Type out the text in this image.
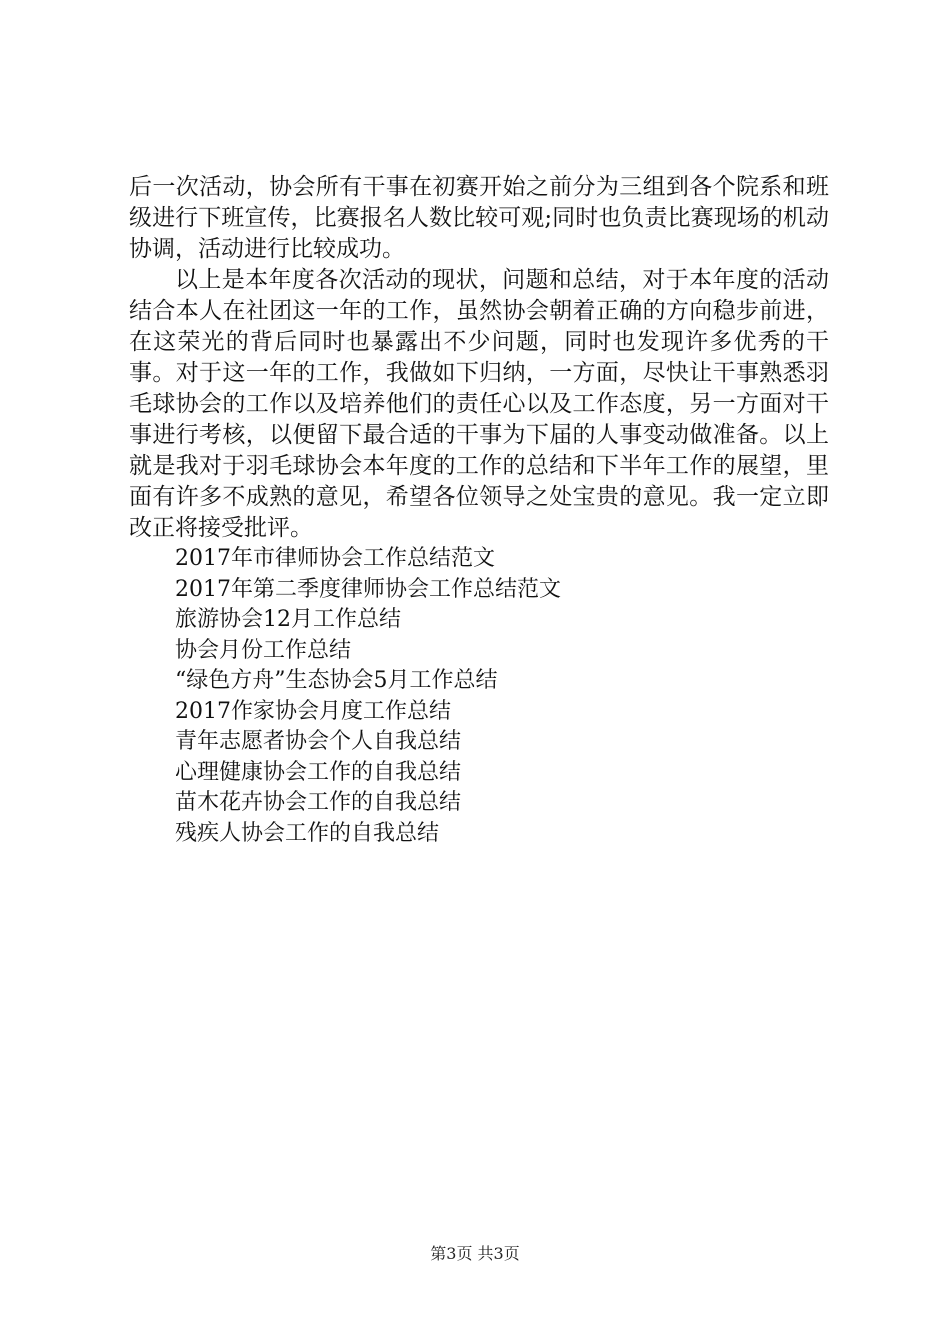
后一次活动，协会所有干事在初赛开始之前分为三组到各个院系和班级进行下班宣传，比赛报名人数比较可观;同时也负责比赛现场的机动协调，活动进行比较成功。

以上是本年度各次活动的现状，问题和总结，对于本年度的活动结合本人在社团这一年的工作，虽然协会朝着正确的方向稳步前进，在这荣光的背后同时也暴露出不少问题，同时也发现许多优秀的干事。对于这一年的工作，我做如下归纳，一方面，尽快让干事熟悉羽毛球协会的工作以及培养他们的责任心以及工作态度，另一方面对干事进行考核，以便留下最合适的干事为下届的人事变动做准备。以上就是我对于羽毛球协会本年度的工作的总结和下半年工作的展望，里面有许多不成熟的意见，希望各位领导之处宝贵的意见。我一定立即改正将接受批评。

2017年市律师协会工作总结范文
2017年第二季度律师协会工作总结范文
旅游协会12月工作总结
协会月份工作总结
“绿色方舟”生态协会5月工作总结
2017作家协会月度工作总结
青年志愿者协会个人自我总结
心理健康协会工作的自我总结
苗木花卉协会工作的自我总结
残疾人协会工作的自我总结
第3页 共3页
